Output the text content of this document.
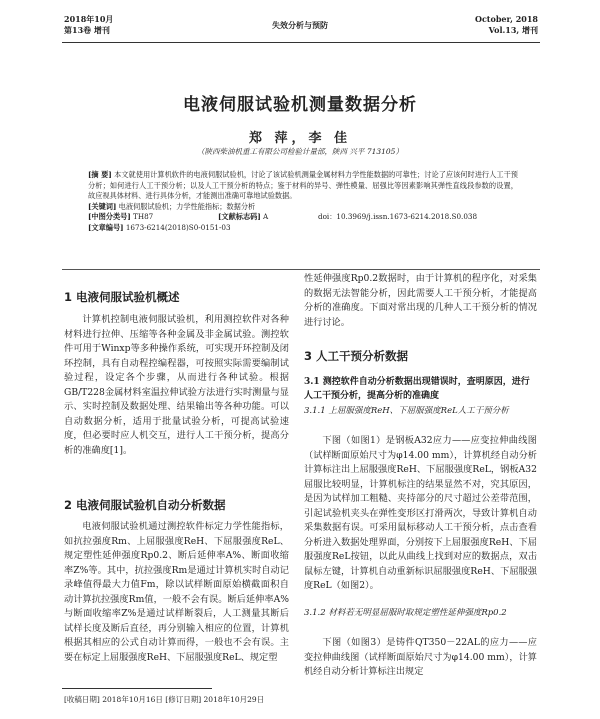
2018年10月
第13卷 增刊	失效分析与预防
October, 2018
Vol.13, 增刊
电液伺服试验机测量数据分析
郑 萍，李 佳
（陕西柴油机重工有限公司检验计量部，陕西 兴平 713105）

[摘 要] 本文就使用计算机软件的电液伺服试验机，讨论了该试验机测量金属材料力学性能数据的可靠性；讨论了应该何时进行人工干预分析；如何进行人工干预分析；以及人工干预分析的特点；鉴于材料的异号、弹性模量、屈强比等因素影响其弹性直线段参数的设置，故应视具体材料、进行具体分析，才能测出准确可靠地试验数据。

[关键词] 电液伺服试验机；力学性能指标；数据分析

[中图分类号] TH87	[文献标志码] A	doi：10.3969/j.issn.1673-6214.2018.S0.038
[文章编号]
1673-6214(2018)S0-0151-03
1 电液伺服试验机概述

计算机控制电液伺服试验机，利用测控软件对各种材料进行拉伸、压缩等各种金属及非金属试验。测控软件可用于Winxp等多种操作系统，可实现开环控制及闭环控制，具有自动程控编程器，可按照实际需要编制试验过程，设定各个步骤，从而进行各种试验。根据GB/T228金属材料室温拉伸试验方法进行实时测量与显示、实时控制及数据处理、结果输出等各种功能。可以自动数据分析，适用于批量试验分析，可提高试验速度，但必要时应人机交互，进行人工干预分析，提高分析的准确度[1]。

2 电液伺服试验机自动分析数据

电液伺服试验机通过测控软件标定力学性能指标，如抗拉强度Rm、上屈服强度ReH、下屈服强度ReL、规定塑性延伸强度Rp0.2、断后延伸率A%、断面收缩率Z%等。其中，抗拉强度Rm是通过计算机实时自动记录峰值得最大力值Fm，除以试样断面原始横截面积自动计算抗拉强度Rm值，一般不会有误。断后延伸率A%与断面收缩率Z%是通过试样断裂后，人工测量其断后试样长度及断后直径，再分别输入相应的位置，计算机根据其相应的公式自动计算而得，一般也不会有误。主要在标定上屈服强度ReH、下屈服强度ReL、规定塑

性延伸强度Rp0.2数据时，由于计算机的程序化，对采集的数据无法智能分析，因此需要人工干预分析，才能提高分析的准确度。下面对常出现的几种人工干预分析的情况进行讨论。

3 人工干预分析数据
3.1 测控软件自动分析数据出现错误时，查明原因，进行人工干预分析，提高分析的准确度
3.1.1 上屈服强度ReH、下屈服强度ReL人工干预分析

下图（如图1）是钢板A32应力——应变拉伸曲线图（试样断面原始尺寸为φ14.00 mm），计算机经自动分析计算标注出上屈服强度ReH、下屈服强度ReL，钢板A32屈服比较明显，计算机标注的结果显然不对，究其原因，是因为试样加工粗糙、夹持部分的尺寸超过公差带范围，引起试验机夹头在弹性变形区打滑两次，导致计算机自动采集数据有误。可采用鼠标移动人工干预分析，点击查看分析进入数据处理界面，分别按下上屈服强度ReH、下屈服强度ReL按钮，以此从曲线上找到对应的数据点，双击鼠标左键，计算机自动重新标识屈服强度ReH、下屈服强度ReL（如图2）。

3.1.2 材料若无明显屈服时取规定塑性延伸强度Rp0.2

下图（如图3）是铸件QT350－22AL的应力——应变拉伸曲线图（试样断面原始尺寸为φ14.00 mm），计算机经自动分析计算标注出规定

[收稿日期] 2018年10月16日 [修订日期] 2018年10月29日
